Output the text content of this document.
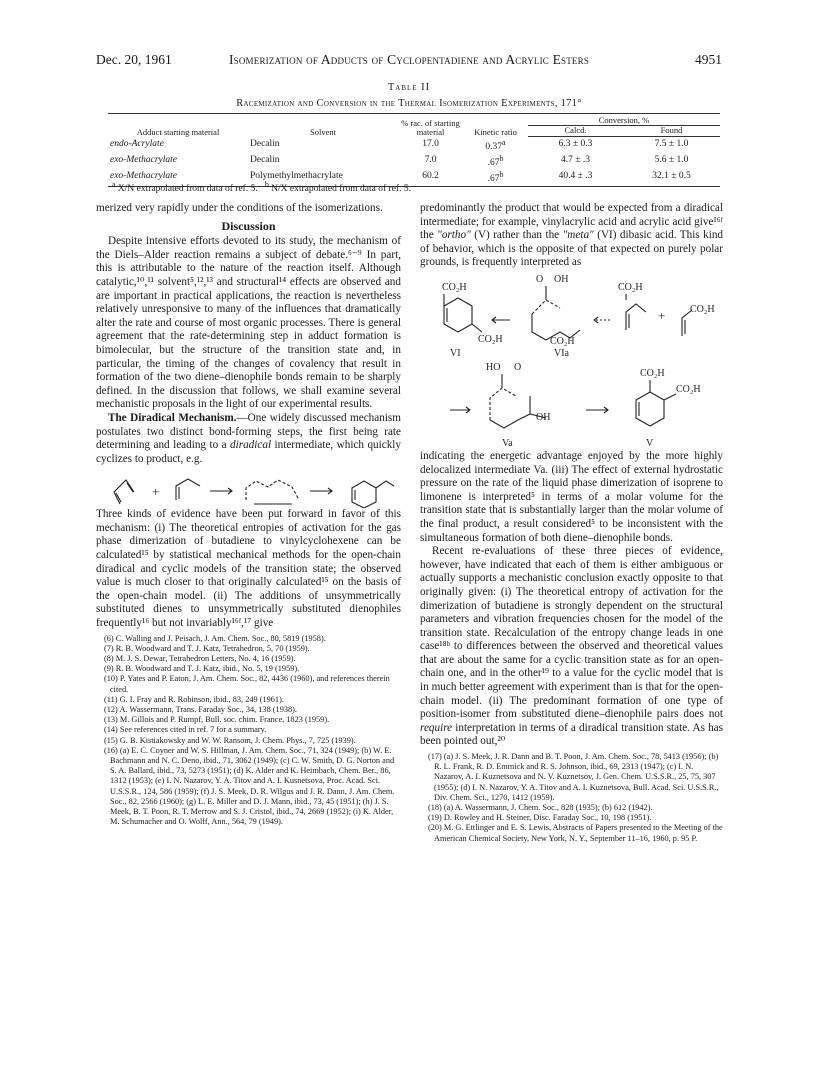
Dec. 20, 1961	Isomerization of Adducts of Cyclopentadiene and Acrylic Esters	4951
Table II
Racemization and Conversion in the Thermal Isomerization Experiments, 171°
Adduct starting material	Solvent	% rac. of starting material	Kinetic ratio	Conversion, %	
				Calcd.	Found
endo-Acrylate	Decalin	17.0	0.37$^a$	6.3 ± 0.3	7.5 ± 1.0
exo-Methacrylate	Decalin	7.0	.67$^b$	4.7 ± .3	5.6 ± 1.0
exo-Methacrylate	Polymethylmethacrylate	60.2	.67$^b$	40.4 ± .3	32.1 ± 0.5
$^a$ X/N extrapolated from data of ref. 5. $^b$ N/X extrapolated from data of ref. 5.

merized very rapidly under the conditions of the isomerizations.

Discussion

Despite intensive efforts devoted to its study, the mechanism of the Diels–Alder reaction remains a subject of debate.⁶⁻⁹ In part, this is attributable to the nature of the reaction itself. Although catalytic,¹⁰,¹¹ solvent⁵,¹²,¹³ and structural¹⁴ effects are observed and are important in practical applications, the reaction is nevertheless relatively unresponsive to many of the influences that dramatically alter the rate and course of most organic processes. There is general agreement that the rate-determining step in adduct formation is bimolecular, but the structure of the transition state and, in particular, the timing of the changes of covalency that result in formation of the two diene–dienophile bonds remain to be sharply defined. In the discussion that follows, we shall examine several mechanistic proposals in the light of our experimental results.

The Diradical Mechanism.—One widely discussed mechanism postulates two distinct bond-forming steps, the first being rate determining and leading to a diradical intermediate, which quickly cyclizes to product, e.g.

+

Three kinds of evidence have been put forward in favor of this mechanism: (i) The theoretical entropies of activation for the gas phase dimerization of butadiene to vinylcyclohexene can be calculated¹⁵ by statistical mechanical methods for the open-chain diradical and cyclic models of the transition state; the observed value is much closer to that originally calculated¹⁵ on the basis of the open-chain model. (ii) The additions of unsymmetrically substituted dienes to unsymmetrically substituted dienophiles frequently¹⁶ but not invariably¹⁶ᶠ,¹⁷ give

(6) C. Walling and J. Peisach, J. Am. Chem. Soc., 80, 5819 (1958).
(7) R. B. Woodward and T. J. Katz, Tetrahedron, 5, 70 (1959).
(8) M. J. S. Dewar, Tetrahedron Letters, No. 4, 16 (1959).
(9) R. B. Woodward and T. J. Katz, ibid., No. 5, 19 (1959).
(10) P. Yates and P. Eaton, J. Am. Chem. Soc., 82, 4436 (1960), and references therein cited.
(11) G. I. Fray and R. Robinson, ibid., 83, 249 (1961).
(12) A. Wassermann, Trans. Faraday Soc., 34, 138 (1938).
(13) M. Gillois and P. Rumpf, Bull. soc. chim. France, 1823 (1959).
(14) See references cited in ref. 7 for a summary.
(15) G. B. Kistiakowsky and W. W. Ransom, J. Chem. Phys., 7, 725 (1939).
(16) (a) E. C. Coyner and W. S. Hillman, J. Am. Chem. Soc., 71, 324 (1949); (b) W. E. Bachmann and N. C. Deno, ibid., 71, 3062 (1949); (c) C. W. Smith, D. G. Norton and S. A. Ballard, ibid., 73, 5273 (1951); (d) K. Alder and K. Heimbach, Chem. Ber., 86, 1312 (1953); (e) I. N. Nazarov, Y. A. Titov and A. I. Kusnetsova, Proc. Acad. Sci. U.S.S.R., 124, 586 (1959); (f) J. S. Meek, D. R. Wilgus and J. R. Dann, J. Am. Chem. Soc., 82, 2566 (1960); (g) L. E. Miller and D. J. Mann, ibid., 73, 45 (1951); (h) J. S. Meek, B. T. Poon, R. T. Merrow and S. J. Cristol, ibid., 74, 2669 (1952); (i) K. Alder, M. Schumacher and O. Wolff, Ann., 564, 79 (1949).

predominantly the product that would be expected from a diradical intermediate; for example, vinylacrylic acid and acrylic acid give¹⁶ᶠ the "ortho" (V) rather than the "meta" (VI) dibasic acid. This kind of behavior, which is the opposite of that expected on purely polar grounds, is frequently interpreted as

CO₂H
CO₂H
VI
O OH
CO₂H
VIa
CO₂H
+ CO₂H
HO O
OH
Va
CO₂H
CO₂H
V

indicating the energetic advantage enjoyed by the more highly delocalized intermediate Va. (iii) The effect of external hydrostatic pressure on the rate of the liquid phase dimerization of isoprene to limonene is interpreted⁵ in terms of a molar volume for the transition state that is substantially larger than the molar volume of the final product, a result considered⁵ to be inconsistent with the simultaneous formation of both diene–dienophile bonds.

Recent re-evaluations of these three pieces of evidence, however, have indicated that each of them is either ambiguous or actually supports a mechanistic conclusion exactly opposite to that originally given: (i) The theoretical entropy of activation for the dimerization of butadiene is strongly dependent on the structural parameters and vibration frequencies chosen for the model of the transition state. Recalculation of the entropy change leads in one case¹⁸ᵇ to differences between the observed and theoretical values that are about the same for a cyclic transition state as for an open-chain one, and in the other¹⁹ to a value for the cyclic model that is in much better agreement with experiment than is that for the open-chain model. (ii) The predominant formation of one type of position-isomer from substituted diene–dienophile pairs does not require interpretation in terms of a diradical transition state. As has been pointed out,²⁰

(17) (a) J. S. Meek, J. R. Dann and B. T. Poon, J. Am. Chem. Soc., 78, 5413 (1956); (b) R. L. Frank, R. D. Emmick and R. S. Johnson, ibid., 69, 2313 (1947); (c) I. N. Nazarov, A. I. Kuznetsova and N. V. Kuznetsov, J. Gen. Chem. U.S.S.R., 25, 75, 307 (1955); (d) I. N. Nazarov, Y. A. Titov and A. I. Kuznetsova, Bull. Acad. Sci. U.S.S.R., Div. Chem. Sci., 1270, 1412 (1959).
(18) (a) A. Wassermann, J. Chem. Soc., 828 (1935); (b) 612 (1942).
(19) D. Rowley and H. Steiner, Disc. Faraday Soc., 10, 198 (1951).
(20) M. G. Ettlinger and E. S. Lewis, Abstracts of Papers presented to the Meeting of the American Chemical Society, New York, N. Y., September 11–16, 1960, p. 95 P.
